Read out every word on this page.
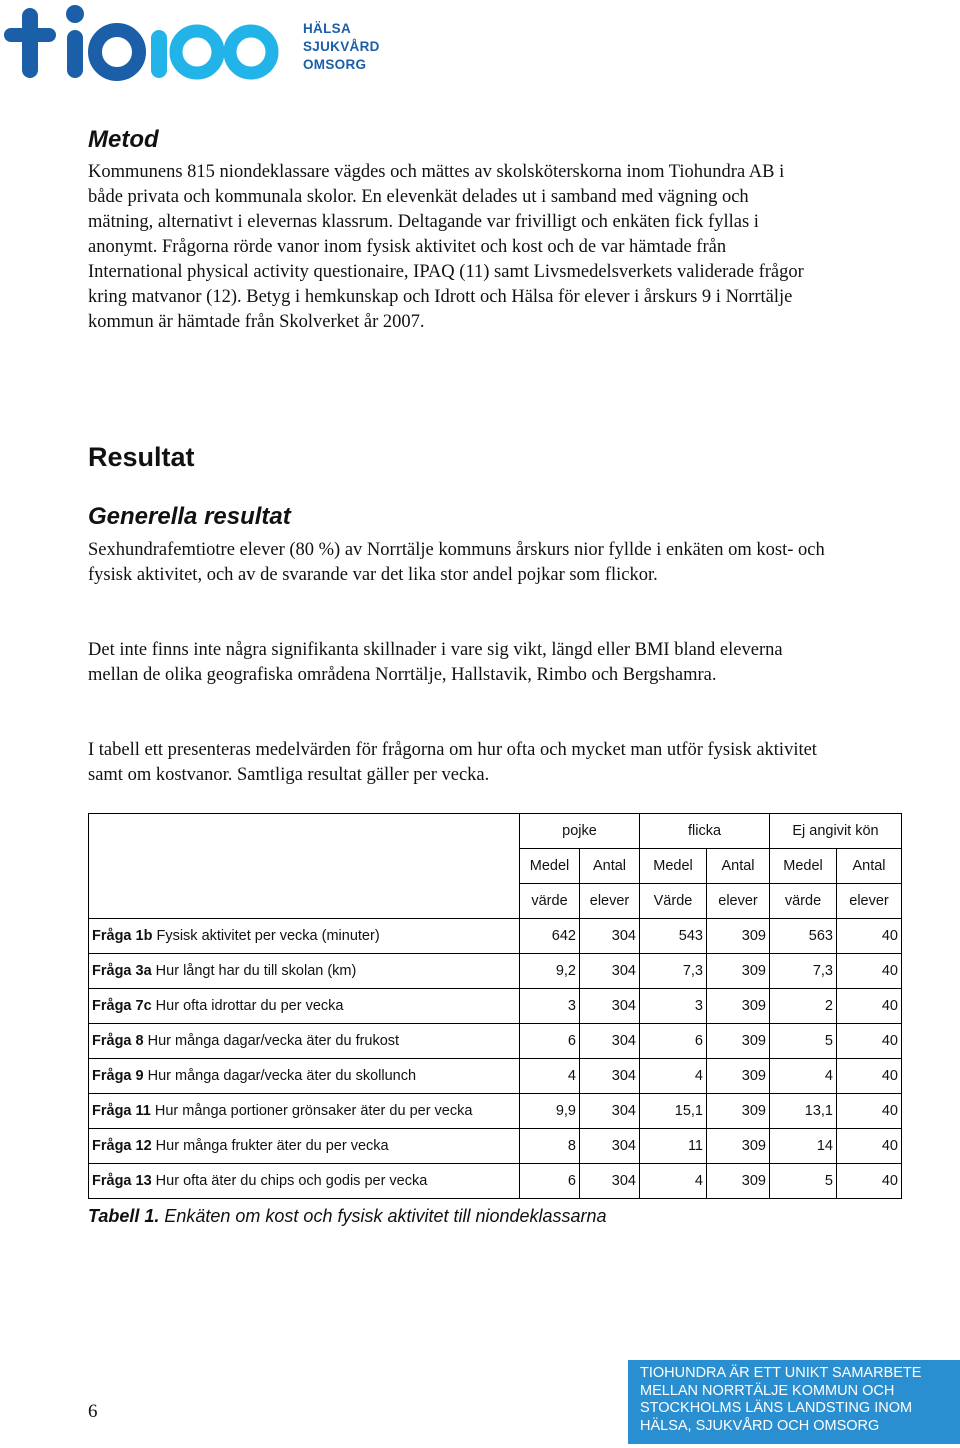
HÄLSA
SJUKVÅRD
OMSORG
Metod

Kommunens 815 niondeklassare vägdes och mättes av skolsköterskorna inom Tiohundra AB i både privata och kommunala skolor. En elevenkät delades ut i samband med vägning och mätning, alternativt i elevernas klassrum. Deltagande var frivilligt och enkäten fick fyllas i anonymt. Frågorna rörde vanor inom fysisk aktivitet och kost och de var hämtade från International physical activity questionaire, IPAQ (11) samt Livsmedelsverkets validerade frågor kring matvanor (12). Betyg i hemkunskap och Idrott och Hälsa för elever i årskurs 9 i Norrtälje kommun är hämtade från Skolverket år 2007.

Resultat
Generella resultat

Sexhundrafemtiotre elever (80 %) av Norrtälje kommuns årskurs nior fyllde i enkäten om kost- och fysisk aktivitet, och av de svarande var det lika stor andel pojkar som flickor.

Det inte finns inte några signifikanta skillnader i vare sig vikt, längd eller BMI bland eleverna mellan de olika geografiska områdena Norrtälje, Hallstavik, Rimbo och Bergshamra.

I tabell ett presenteras medelvärden för frågorna om hur ofta och mycket man utför fysisk aktivitet samt om kostvanor. Samtliga resultat gäller per vecka.

	pojke		flicka		Ej angivit kön	
	Medel	Antal	Medel	Antal	Medel	Antal
	värde	elever	Värde	elever	värde	elever
Fråga 1b Fysisk aktivitet per vecka (minuter)	642	304	543	309	563	40
Fråga 3a Hur långt har du till skolan (km)	9,2	304	7,3	309	7,3	40
Fråga 7c Hur ofta idrottar du per vecka	3	304	3	309	2	40
Fråga 8 Hur många dagar/vecka äter du frukost	6	304	6	309	5	40
Fråga 9 Hur många dagar/vecka äter du skollunch	4	304	4	309	4	40
Fråga 11 Hur många portioner grönsaker äter du per vecka	9,9	304	15,1	309	13,1	40
Fråga 12 Hur många frukter äter du per vecka	8	304	11	309	14	40
Fråga 13 Hur ofta äter du chips och godis per vecka	6	304	4	309	5	40
Tabell 1. Enkäten om kost och fysisk aktivitet till niondeklassarna
6
TIOHUNDRA ÄR ETT UNIKT SAMARBETE
MELLAN NORRTÄLJE KOMMUN OCH
STOCKHOLMS LÄNS LANDSTING INOM
HÄLSA, SJUKVÅRD OCH OMSORG
